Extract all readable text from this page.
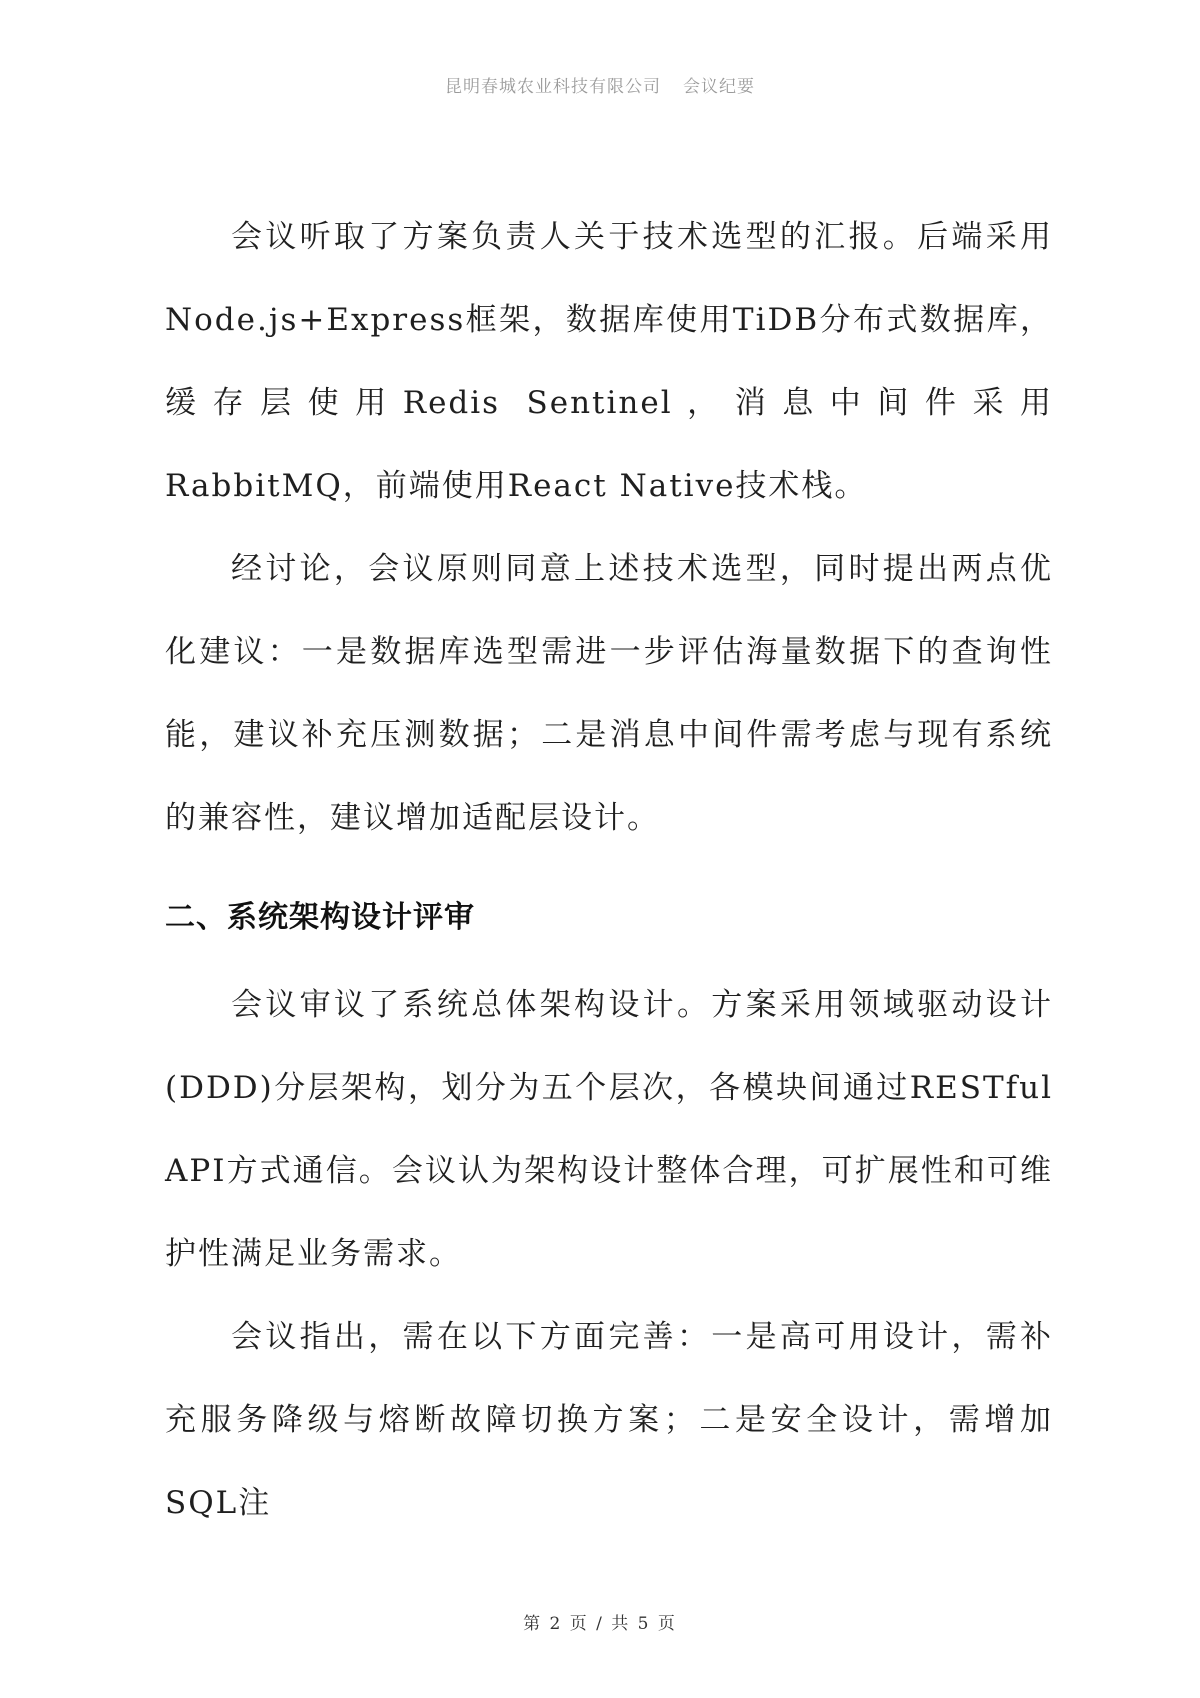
昆明春城农业科技有限公司 会议纪要

会议听取了方案负责人关于技术选型的汇报。后端采用Node.js+Express框架，数据库使用TiDB分布式数据库，缓存层使用Redis Sentinel，消息中间件采用RabbitMQ，前端使用React Native技术栈。

经讨论，会议原则同意上述技术选型，同时提出两点优化建议：一是数据库选型需进一步评估海量数据下的查询性能，建议补充压测数据；二是消息中间件需考虑与现有系统的兼容性，建议增加适配层设计。

二、系统架构设计评审

会议审议了系统总体架构设计。方案采用领域驱动设计(DDD)分层架构，划分为五个层次，各模块间通过RESTful API方式通信。会议认为架构设计整体合理，可扩展性和可维护性满足业务需求。

会议指出，需在以下方面完善：一是高可用设计，需补充服务降级与熔断故障切换方案；二是安全设计，需增加SQL注

第 2 页 / 共 5 页
